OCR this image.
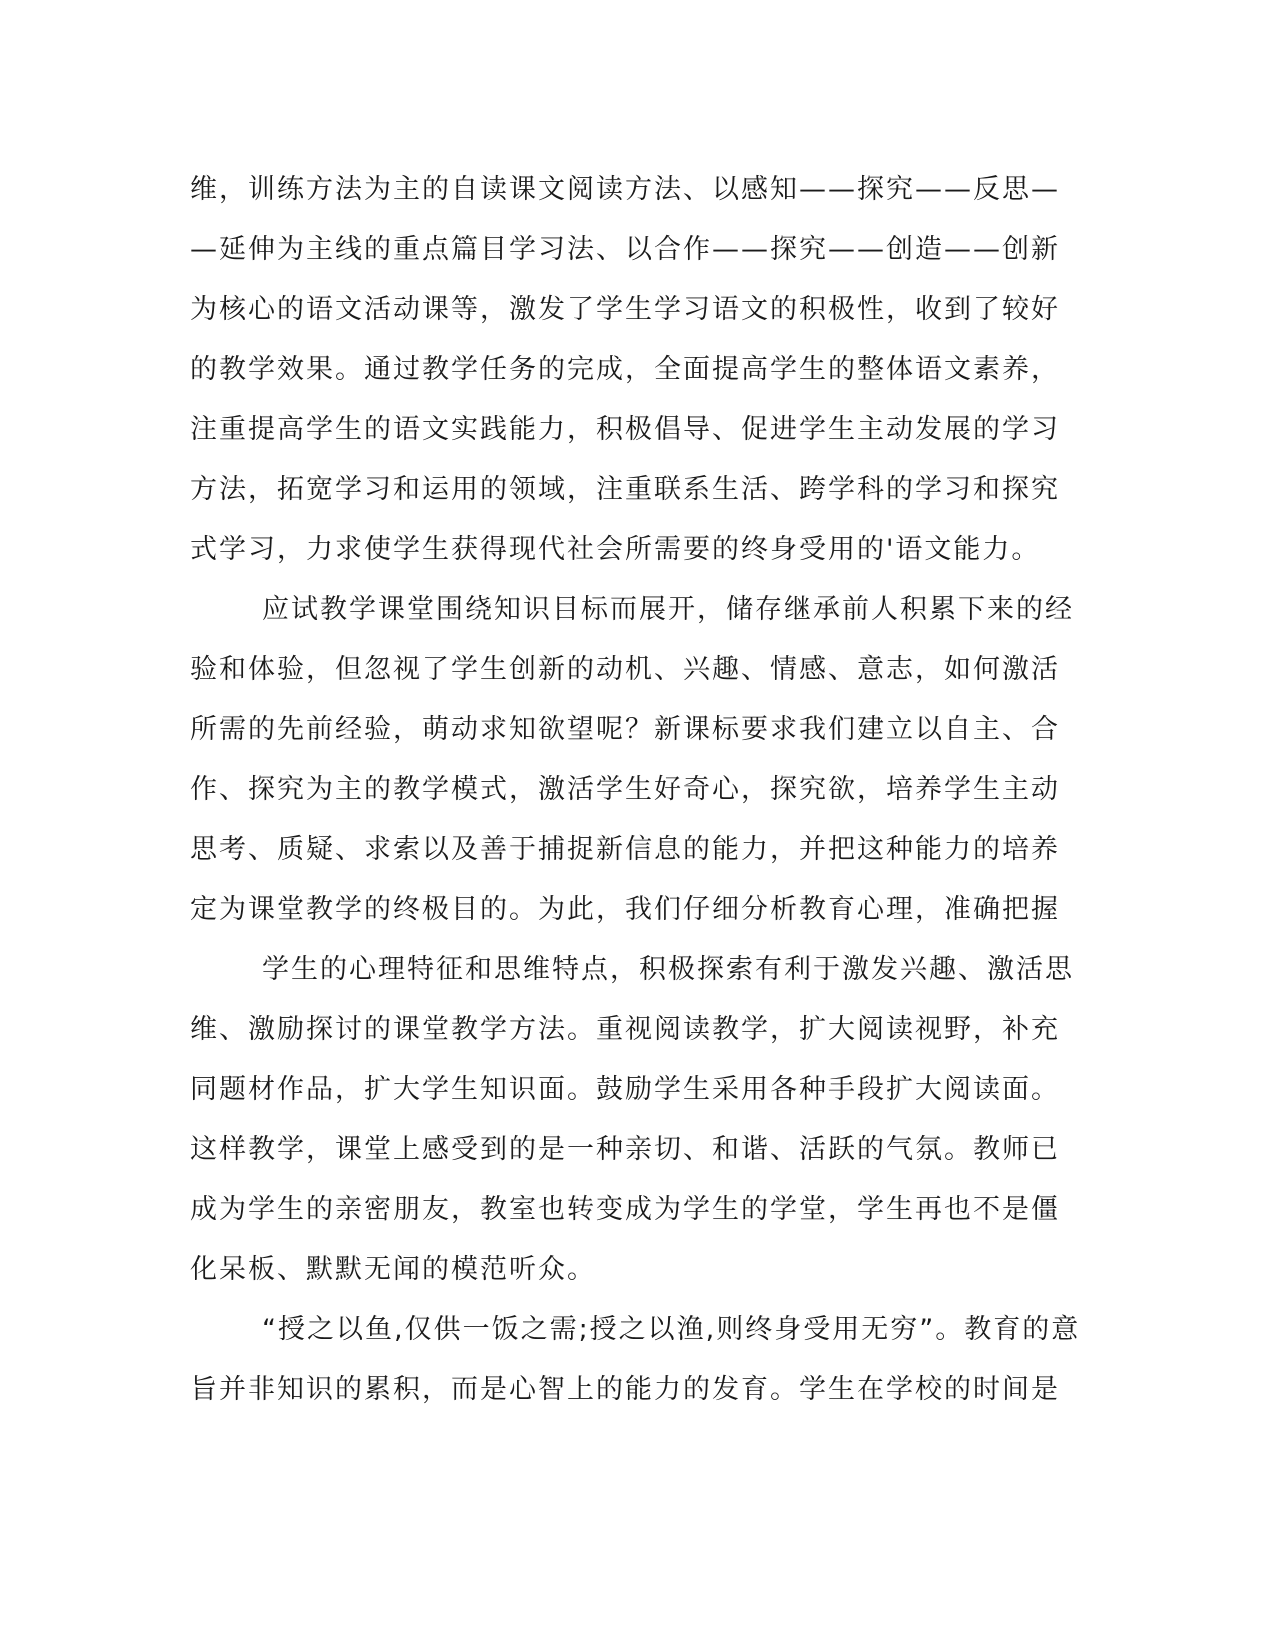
维，训练方法为主的自读课文阅读方法、以感知——探究——反思—
—延伸为主线的重点篇目学习法、以合作——探究——创造——创新
为核心的语文活动课等，激发了学生学习语文的积极性，收到了较好
的教学效果。通过教学任务的完成，全面提高学生的整体语文素养，
注重提高学生的语文实践能力，积极倡导、促进学生主动发展的学习
方法，拓宽学习和运用的领域，注重联系生活、跨学科的学习和探究
式学习，力求使学生获得现代社会所需要的终身受用的'语文能力。
应试教学课堂围绕知识目标而展开，储存继承前人积累下来的经
验和体验，但忽视了学生创新的动机、兴趣、情感、意志，如何激活
所需的先前经验，萌动求知欲望呢？新课标要求我们建立以自主、合
作、探究为主的教学模式，激活学生好奇心，探究欲，培养学生主动
思考、质疑、求索以及善于捕捉新信息的能力，并把这种能力的培养
定为课堂教学的终极目的。为此，我们仔细分析教育心理，准确把握
学生的心理特征和思维特点，积极探索有利于激发兴趣、激活思
维、激励探讨的课堂教学方法。重视阅读教学，扩大阅读视野，补充
同题材作品，扩大学生知识面。鼓励学生采用各种手段扩大阅读面。
这样教学，课堂上感受到的是一种亲切、和谐、活跃的气氛。教师已
成为学生的亲密朋友，教室也转变成为学生的学堂，学生再也不是僵
化呆板、默默无闻的模范听众。
“授之以鱼,仅供一饭之需;授之以渔,则终身受用无穷”。教育的意
旨并非知识的累积，而是心智上的能力的发育。学生在学校的时间是
